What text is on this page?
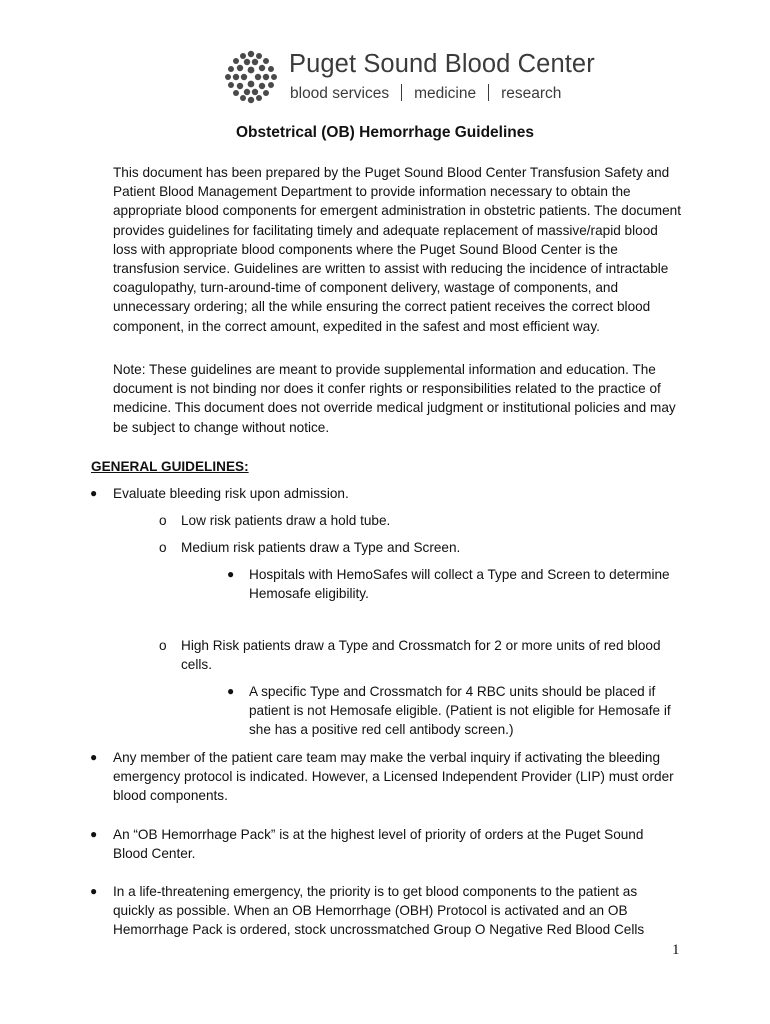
Puget Sound Blood Center
blood services medicine research
Obstetrical (OB) Hemorrhage Guidelines

This document has been prepared by the Puget Sound Blood Center Transfusion Safety and Patient Blood Management Department to provide information necessary to obtain the appropriate blood components for emergent administration in obstetric patients. The document provides guidelines for facilitating timely and adequate replacement of massive/rapid blood loss with appropriate blood components where the Puget Sound Blood Center is the transfusion service. Guidelines are written to assist with reducing the incidence of intractable coagulopathy, turn-around-time of component delivery, wastage of components, and unnecessary ordering; all the while ensuring the correct patient receives the correct blood component, in the correct amount, expedited in the safest and most efficient way.

Note: These guidelines are meant to provide supplemental information and education. The document is not binding nor does it confer rights or responsibilities related to the practice of medicine. This document does not override medical judgment or institutional policies and may be subject to change without notice.

GENERAL GUIDELINES:
● Evaluate bleeding risk upon admission.
o Low risk patients draw a hold tube.
o Medium risk patients draw a Type and Screen.
● Hospitals with HemoSafes will collect a Type and Screen to determine Hemosafe eligibility.
o High Risk patients draw a Type and Crossmatch for 2 or more units of red blood cells.
● A specific Type and Crossmatch for 4 RBC units should be placed if patient is not Hemosafe eligible. (Patient is not eligible for Hemosafe if she has a positive red cell antibody screen.)
● Any member of the patient care team may make the verbal inquiry if activating the bleeding emergency protocol is indicated. However, a Licensed Independent Provider (LIP) must order blood components.
● An “OB Hemorrhage Pack” is at the highest level of priority of orders at the Puget Sound Blood Center.
● In a life-threatening emergency, the priority is to get blood components to the patient as quickly as possible. When an OB Hemorrhage (OBH) Protocol is activated and an OB Hemorrhage Pack is ordered, stock uncrossmatched Group O Negative Red Blood Cells
1
